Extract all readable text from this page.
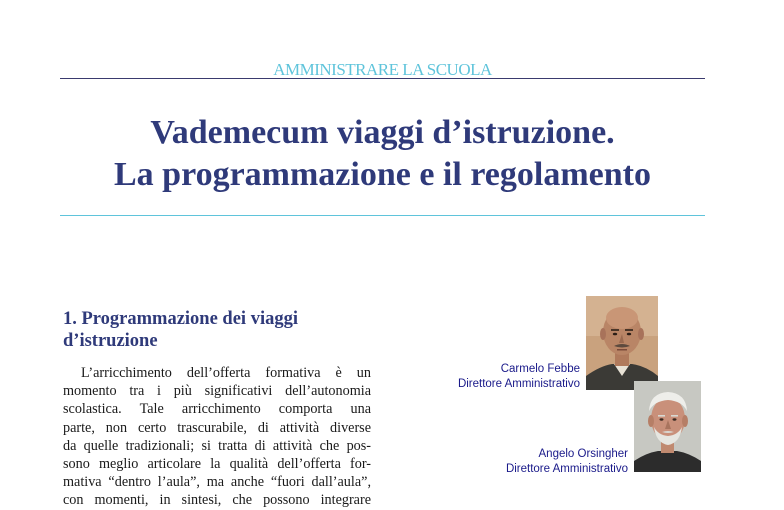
AMMINISTRARE LA SCUOLA
Vademecum viaggi d’istruzione.
La programmazione e il regolamento
1. Programmazione dei viaggi
d’istruzione
L’arricchimento dell’offerta formativa è un
momento tra i più significativi dell’autonomia
scolastica. Tale arricchimento comporta una
parte, non certo trascurabile, di attività diverse
da quelle tradizionali; si tratta di attività che pos-
sono meglio articolare la qualità dell’offerta for-
mativa “dentro l’aula”, ma anche “fuori dall’aula”,
con momenti, in sintesi, che possono integrare
Carmelo Febbe
Direttore Amministrativo
Angelo Orsingher
Direttore Amministrativo
